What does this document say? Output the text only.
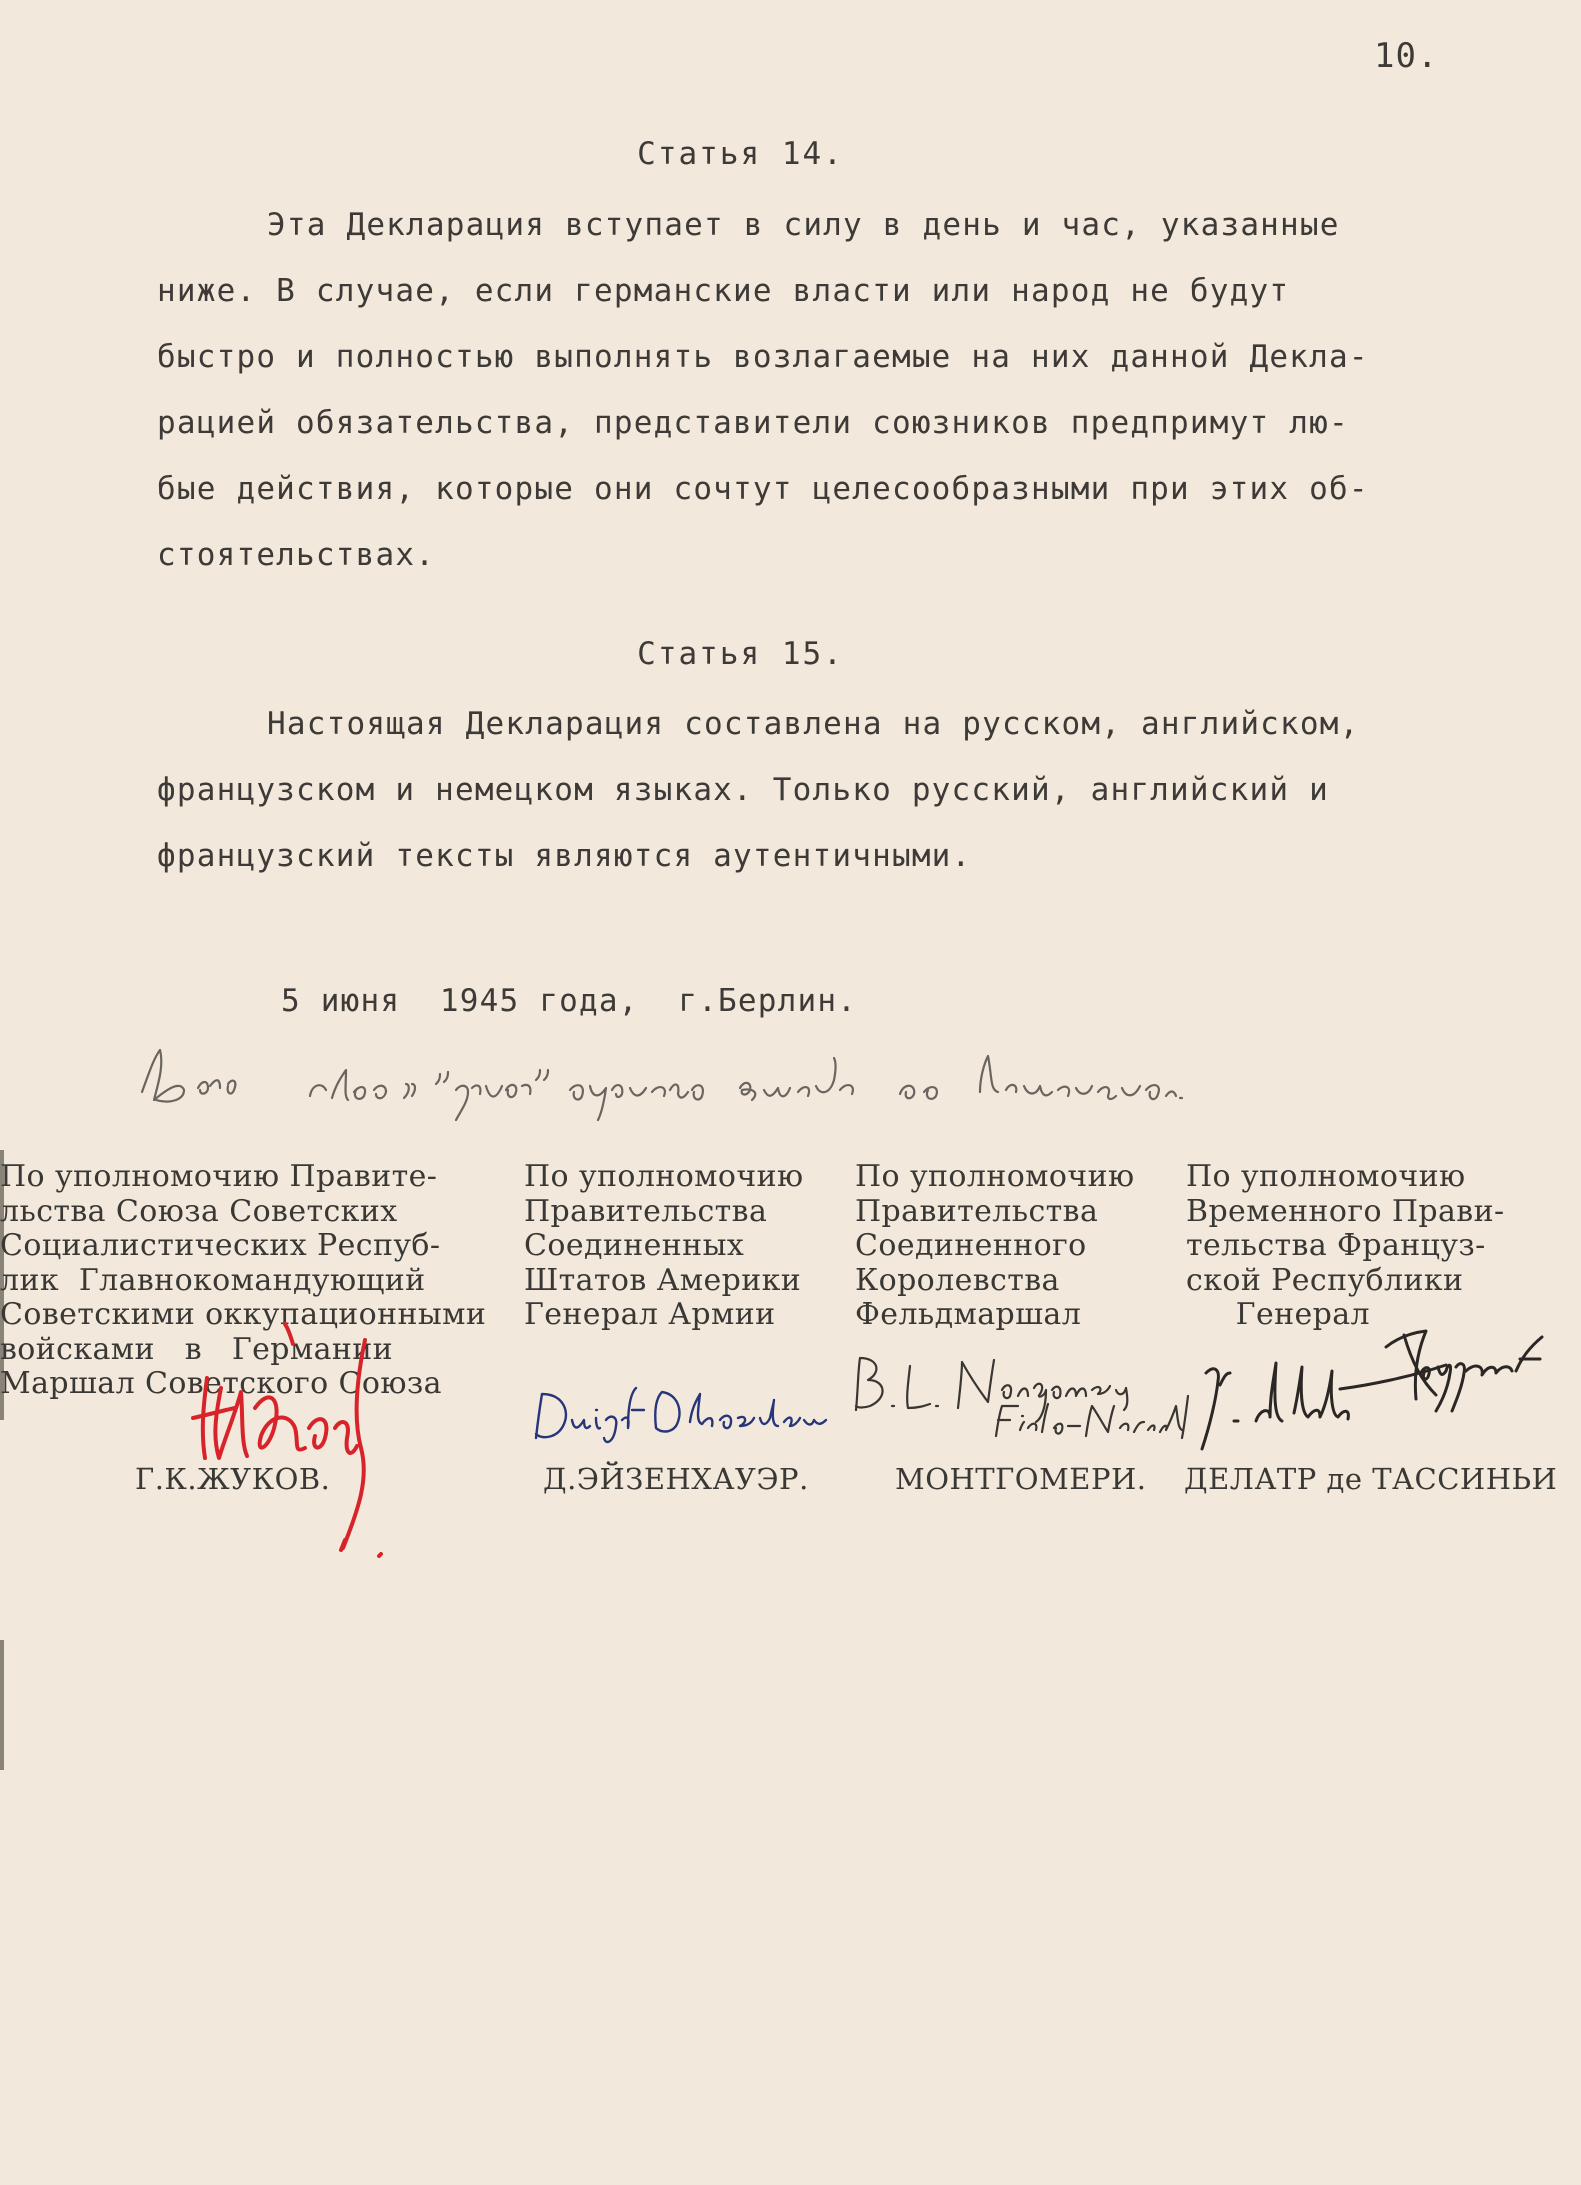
10.
Статья 14.
Эта Декларация вступает в силу в день и час, указанные
ниже. В случае, если германские власти или народ не будут
быстро и полностью выполнять возлагаемые на них данной Декла-
рацией обязательства, представители союзников предпримут лю-
бые действия, которые они сочтут целесообразными при этих об-
стоятельствах.
Статья 15.
Настоящая Декларация составлена на русском, английском,
французском и немецком языках. Только русский, английский и
французский тексты являются аутентичными.
5 июня  1945 года,  г.Берлин.
По уполномочию Правите-
льства Союза Советских
Социалистических Респуб-
лик  Главнокомандующий
Советскими оккупационными
войсками   в   Германии
Маршал Советского Союза
По уполномочию
Правительства
Соединенных
Штатов Америки
Генерал Армии
По уполномочию
Правительства
Соединенного
Королевства
Фельдмаршал
По уполномочию
Временного Прави-
тельства Француз-
ской Республики
Генерал
Г.К.ЖУКОВ.	Д.ЭЙЗЕНХАУЭР.	МОНТГОМЕРИ. ДЕЛАТР де ТАССИНЬИ
